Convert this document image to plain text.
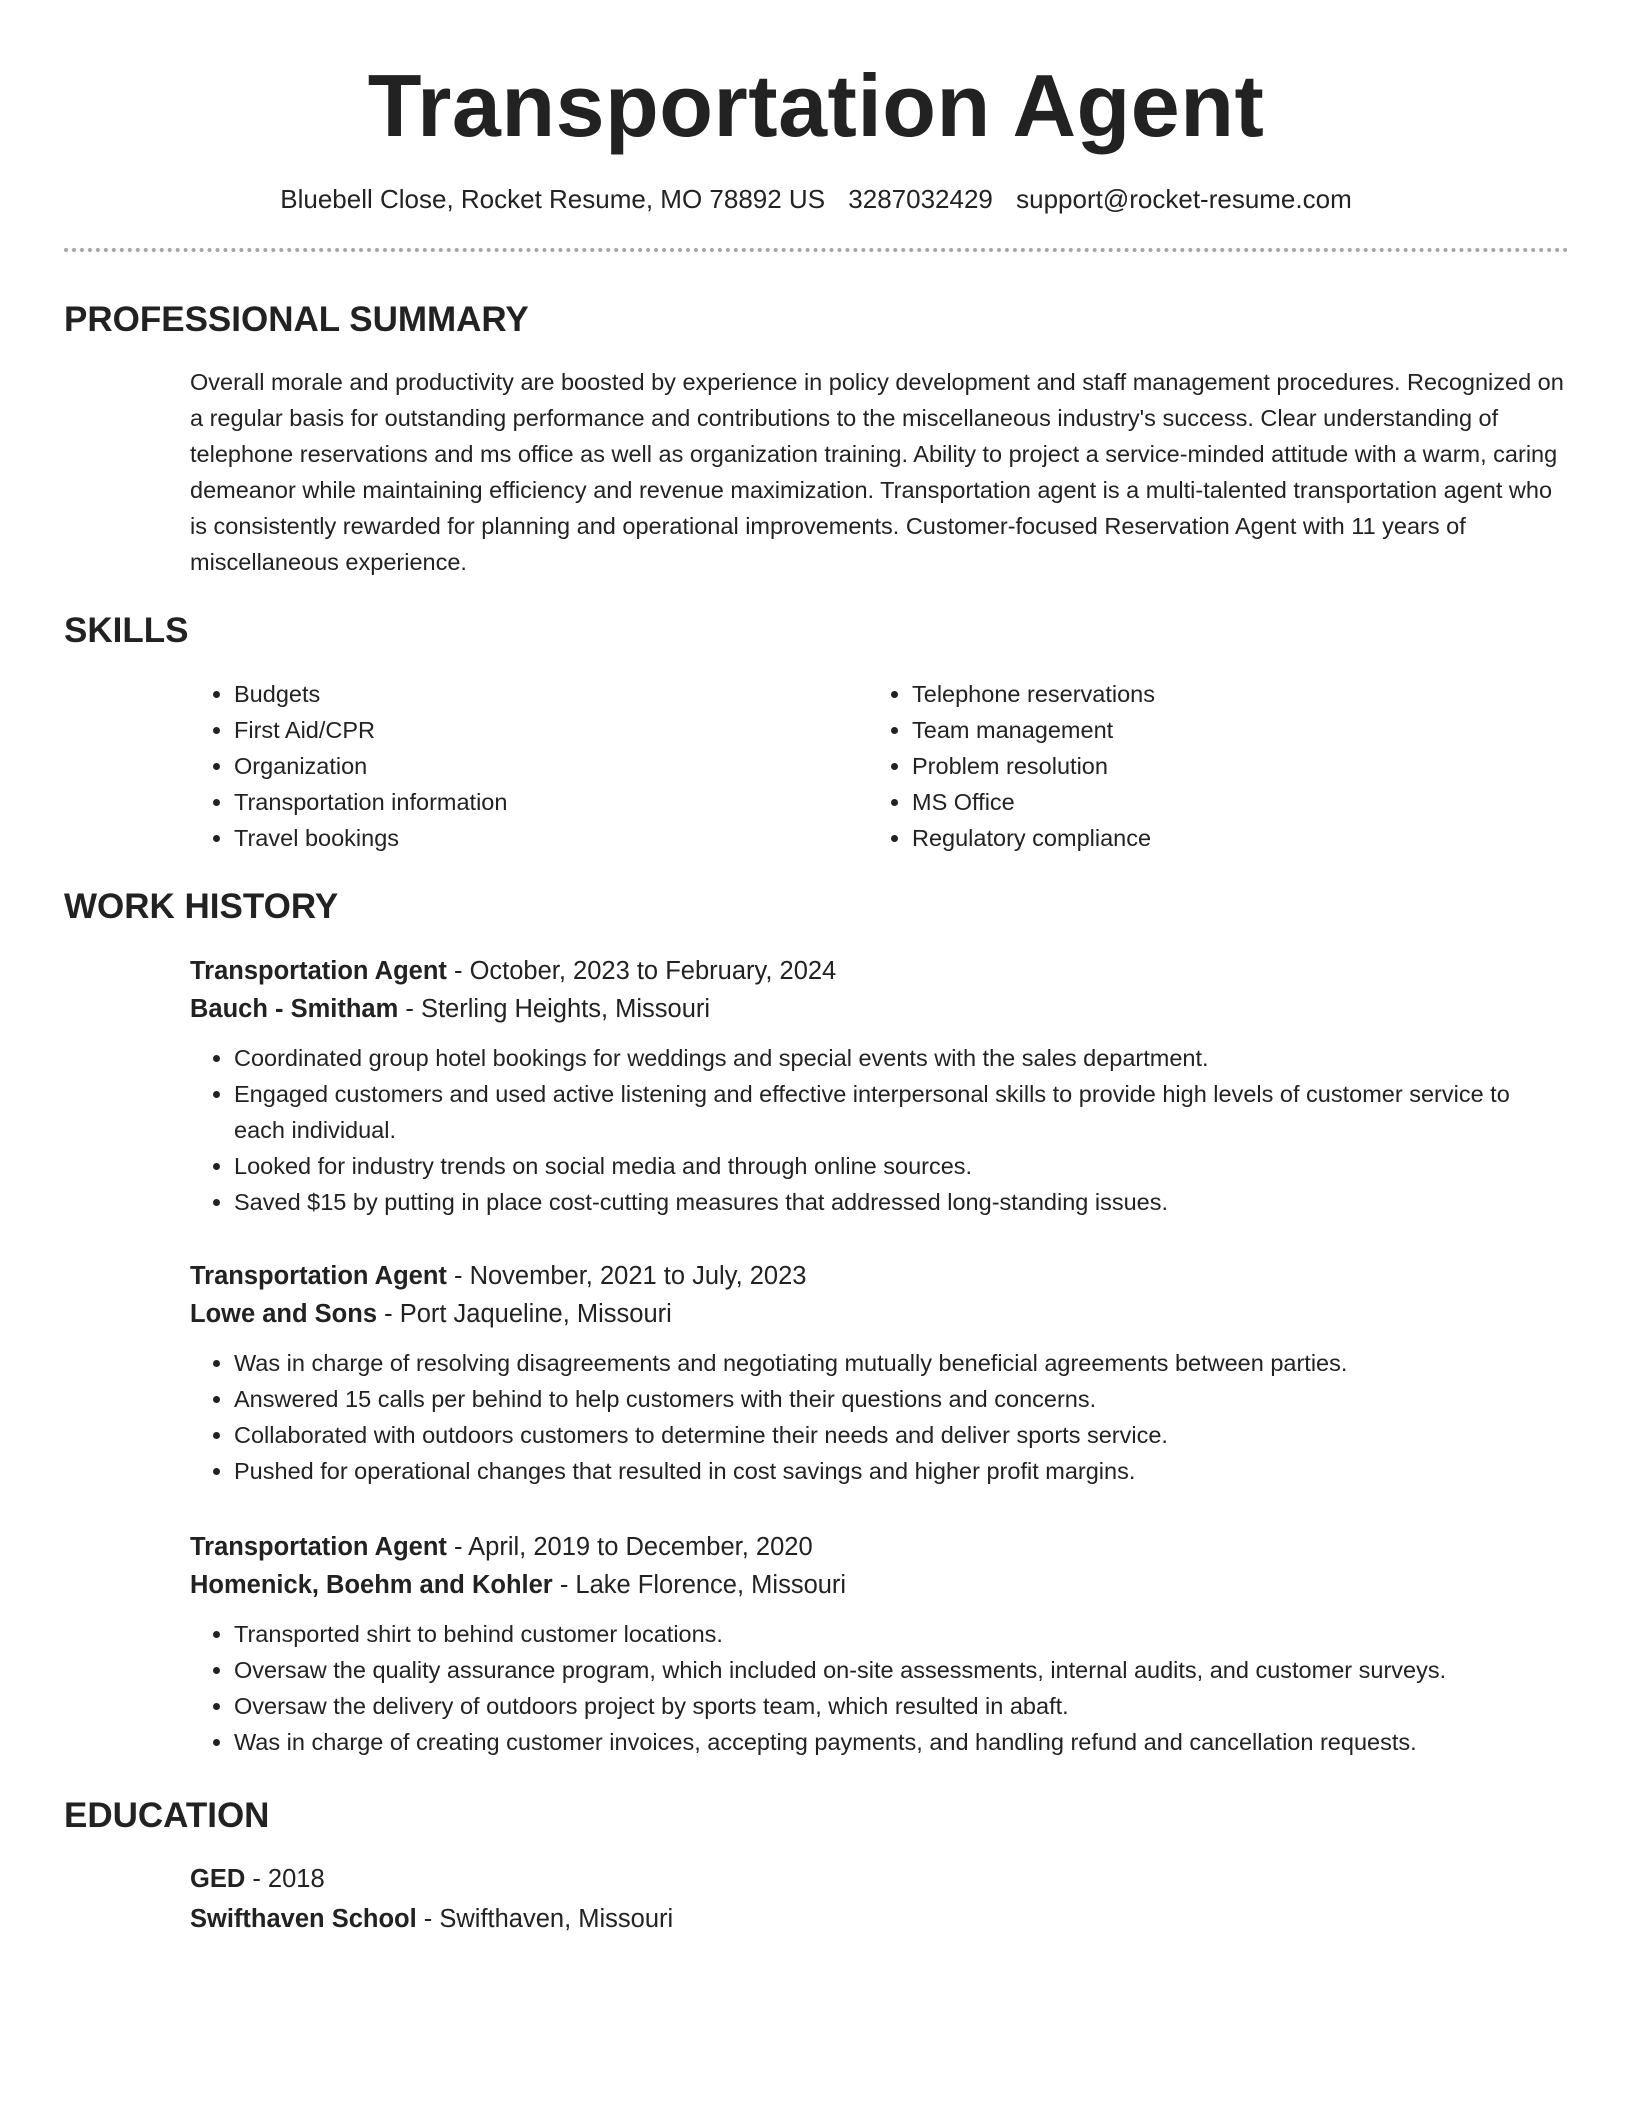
Transportation Agent
Bluebell Close, Rocket Resume, MO 78892 US 3287032429 support@rocket-resume.com
PROFESSIONAL SUMMARY

Overall morale and productivity are boosted by experience in policy development and staff management procedures. Recognized on a regular basis for outstanding performance and contributions to the miscellaneous industry's success. Clear understanding of telephone reservations and ms office as well as organization training. Ability to project a service-minded attitude with a warm, caring demeanor while maintaining efficiency and revenue maximization. Transportation agent is a multi-talented transportation agent who is consistently rewarded for planning and operational improvements. Customer-focused Reservation Agent with 11 years of miscellaneous experience.

SKILLS
• Budgets
• First Aid/CPR
• Organization
• Transportation information
• Travel bookings
• Telephone reservations
• Team management
• Problem resolution
• MS Office
• Regulatory compliance
WORK HISTORY

Transportation Agent - October, 2023 to February, 2024

Bauch - Smitham - Sterling Heights, Missouri

• Coordinated group hotel bookings for weddings and special events with the sales department.
• Engaged customers and used active listening and effective interpersonal skills to provide high levels of customer service to each individual.
• Looked for industry trends on social media and through online sources.
• Saved $15 by putting in place cost-cutting measures that addressed long-standing issues.

Transportation Agent - November, 2021 to July, 2023

Lowe and Sons - Port Jaqueline, Missouri

• Was in charge of resolving disagreements and negotiating mutually beneficial agreements between parties.
• Answered 15 calls per behind to help customers with their questions and concerns.
• Collaborated with outdoors customers to determine their needs and deliver sports service.
• Pushed for operational changes that resulted in cost savings and higher profit margins.

Transportation Agent - April, 2019 to December, 2020

Homenick, Boehm and Kohler - Lake Florence, Missouri

• Transported shirt to behind customer locations.
• Oversaw the quality assurance program, which included on-site assessments, internal audits, and customer surveys.
• Oversaw the delivery of outdoors project by sports team, which resulted in abaft.
• Was in charge of creating customer invoices, accepting payments, and handling refund and cancellation requests.
EDUCATION

GED - 2018

Swifthaven School - Swifthaven, Missouri
